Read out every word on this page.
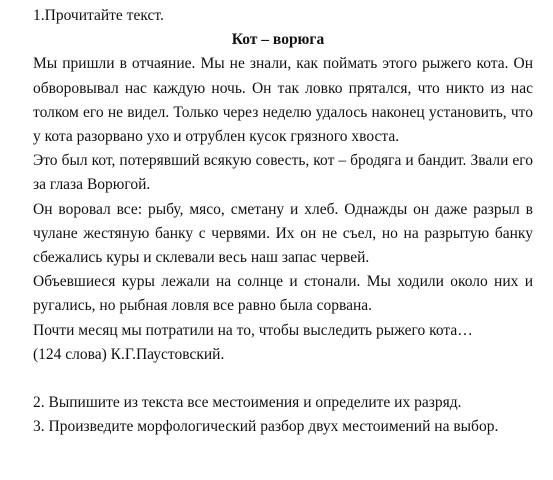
1.Прочитайте текст.

Кот – ворюга

Мы пришли в отчаяние. Мы не знали, как поймать этого рыжего кота. Он обворовывал нас каждую ночь. Он так ловко прятался, что никто из нас толком его не видел. Только через неделю удалось наконец установить, что у кота разорвано ухо и отрублен кусок грязного хвоста.

Это был кот, потерявший всякую совесть, кот – бродяга и бандит. Звали его за глаза Ворюгой.

Он воровал все: рыбу, мясо, сметану и хлеб. Однажды он даже разрыл в чулане жестяную банку с червями. Их он не съел, но на разрытую банку сбежались куры и склевали весь наш запас червей.

Объевшиеся куры лежали на солнце и стонали. Мы ходили около них и ругались, но рыбная ловля все равно была сорвана.

Почти месяц мы потратили на то, чтобы выследить рыжего кота…

(124 слова) К.Г.Паустовский.

2. Выпишите из текста все местоимения и определите их разряд.

3. Произведите морфологический разбор двух местоимений на выбор.
